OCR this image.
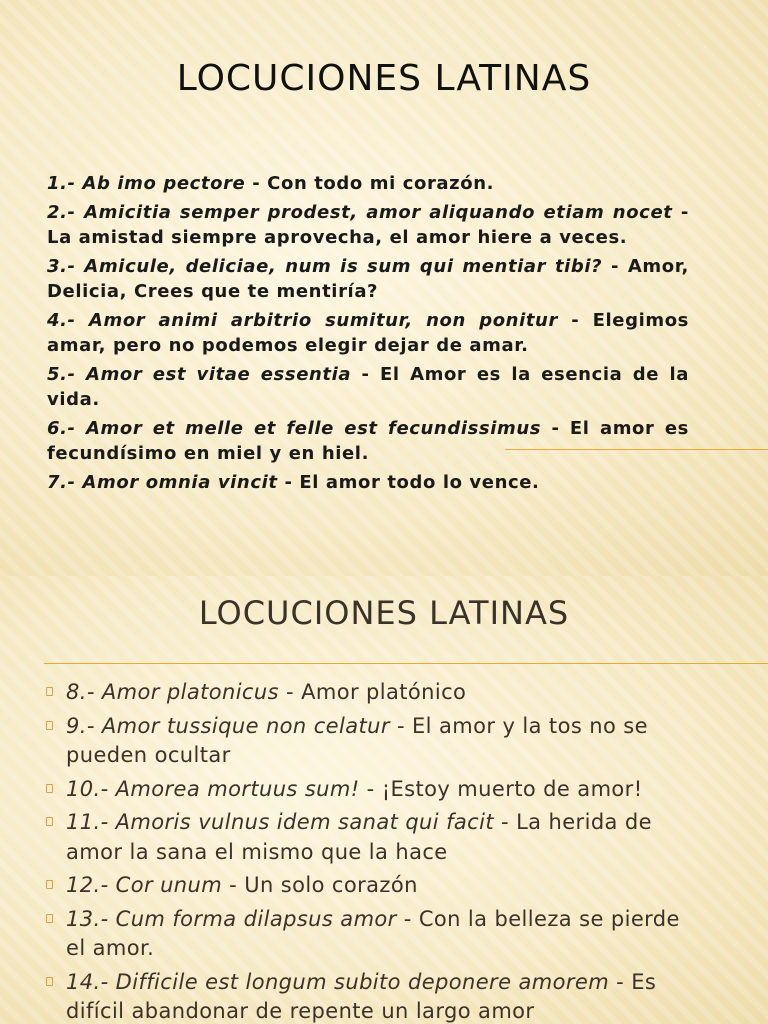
LOCUCIONES LATINAS

1.- Ab imo pectore - Con todo mi corazón.

2.- Amicitia semper prodest, amor aliquando etiam nocet - La amistad siempre aprovecha, el amor hiere a veces.

3.- Amicule, deliciae, num is sum qui mentiar tibi? - Amor, Delicia, Crees que te mentiría?

4.- Amor animi arbitrio sumitur, non ponitur - Elegimos amar, pero no podemos elegir dejar de amar.

5.- Amor est vitae essentia - El Amor es la esencia de la vida.

6.- Amor et melle et felle est fecundissimus - El amor es fecundísimo en miel y en hiel.

7.- Amor omnia vincit - El amor todo lo vence.

LOCUCIONES LATINAS
8.- Amor platonicus - Amor platónico
9.- Amor tussique non celatur - El amor y la tos no se pueden ocultar
10.- Amorea mortuus sum! - ¡Estoy muerto de amor!
11.- Amoris vulnus idem sanat qui facit - La herida de amor la sana el mismo que la hace
12.- Cor unum - Un solo corazón
13.- Cum forma dilapsus amor - Con la belleza se pierde el amor.
14.- Difficile est longum subito deponere amorem - Es difícil abandonar de repente un largo amor
